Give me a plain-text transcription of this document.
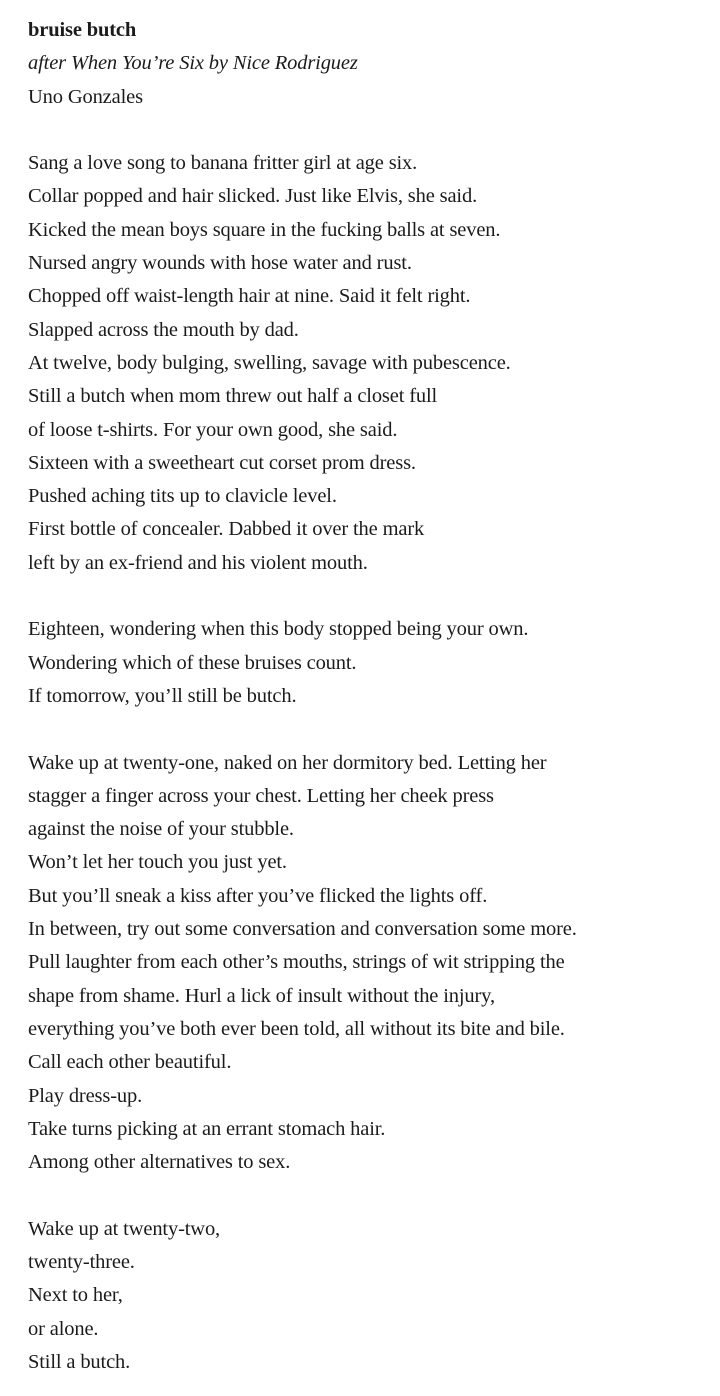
bruise butch
after When You’re Six by Nice Rodriguez
Uno Gonzales
Sang a love song to banana fritter girl at age six.
Collar popped and hair slicked. Just like Elvis, she said.
Kicked the mean boys square in the fucking balls at seven.
Nursed angry wounds with hose water and rust.
Chopped off waist-length hair at nine. Said it felt right.
Slapped across the mouth by dad.
At twelve, body bulging, swelling, savage with pubescence.
Still a butch when mom threw out half a closet full
of loose t-shirts. For your own good, she said.
Sixteen with a sweetheart cut corset prom dress.
Pushed aching tits up to clavicle level.
First bottle of concealer. Dabbed it over the mark
left by an ex-friend and his violent mouth.
Eighteen, wondering when this body stopped being your own.
Wondering which of these bruises count.
If tomorrow, you’ll still be butch.
Wake up at twenty-one, naked on her dormitory bed. Letting her
stagger a finger across your chest. Letting her cheek press
against the noise of your stubble.
Won’t let her touch you just yet.
But you’ll sneak a kiss after you’ve flicked the lights off.
In between, try out some conversation and conversation some more.
Pull laughter from each other’s mouths, strings of wit stripping the
shape from shame. Hurl a lick of insult without the injury,
everything you’ve both ever been told, all without its bite and bile.
Call each other beautiful.
Play dress-up.
Take turns picking at an errant stomach hair.
Among other alternatives to sex.
Wake up at twenty-two,
twenty-three.
Next to her,
or alone.
Still a butch.
